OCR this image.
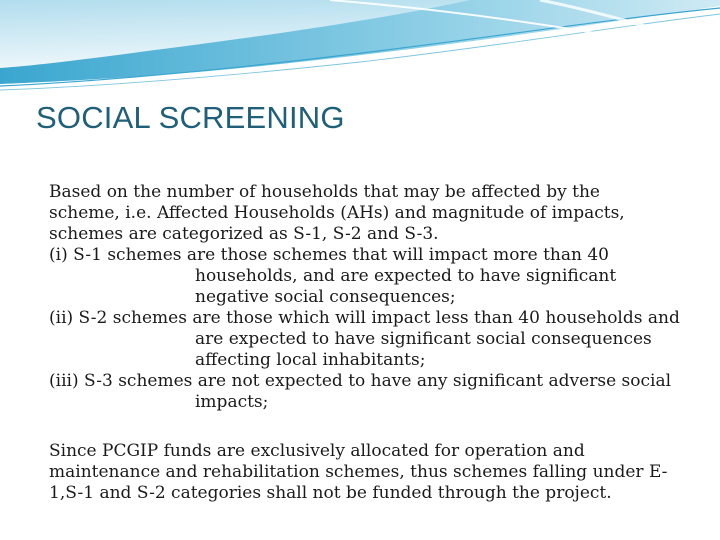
SOCIAL SCREENING

Based on the number of households that may be affected by the
scheme, i.e. Affected Households (AHs) and magnitude of impacts,
schemes are categorized as S-1, S-2 and S-3.

(i) S-1 schemes are those schemes that will impact more than 40
households, and are expected to have significant
negative social consequences;

(ii) S-2 schemes are those which will impact less than 40 households and
are expected to have significant social consequences
affecting local inhabitants;

(iii) S-3 schemes are not expected to have any significant adverse social
impacts;

Since PCGIP funds are exclusively allocated for operation and
maintenance and rehabilitation schemes, thus schemes falling under E-
1,S-1 and S-2 categories shall not be funded through the project.
